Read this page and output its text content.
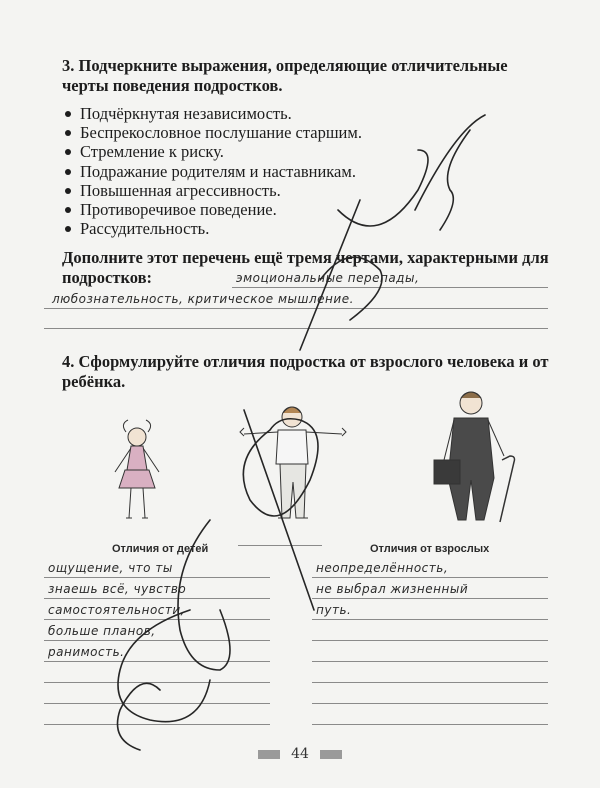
3. Подчеркните выражения, определяющие отличительные черты поведения подростков.

Подчёркнутая независимость.
Беспрекословное послушание старшим.
Стремление к риску.
Подражание родителям и наставникам.
Повышенная агрессивность.
Противоречивое поведение.
Рассудительность.

Дополните этот перечень ещё тремя чертами, характерными для подростков:	эмоциональные перепады,
любознательность, критическое мышление.

4. Сформулируйте отличия подростка от взрослого человека и от ребёнка.

Отличия от детей	Отличия от взрослых
ощущение, что ты
знаешь всё, чувство
самостоятельности,
больше планов,
ранимость.
неопределённость,
не выбрал жизненный
путь.
44
